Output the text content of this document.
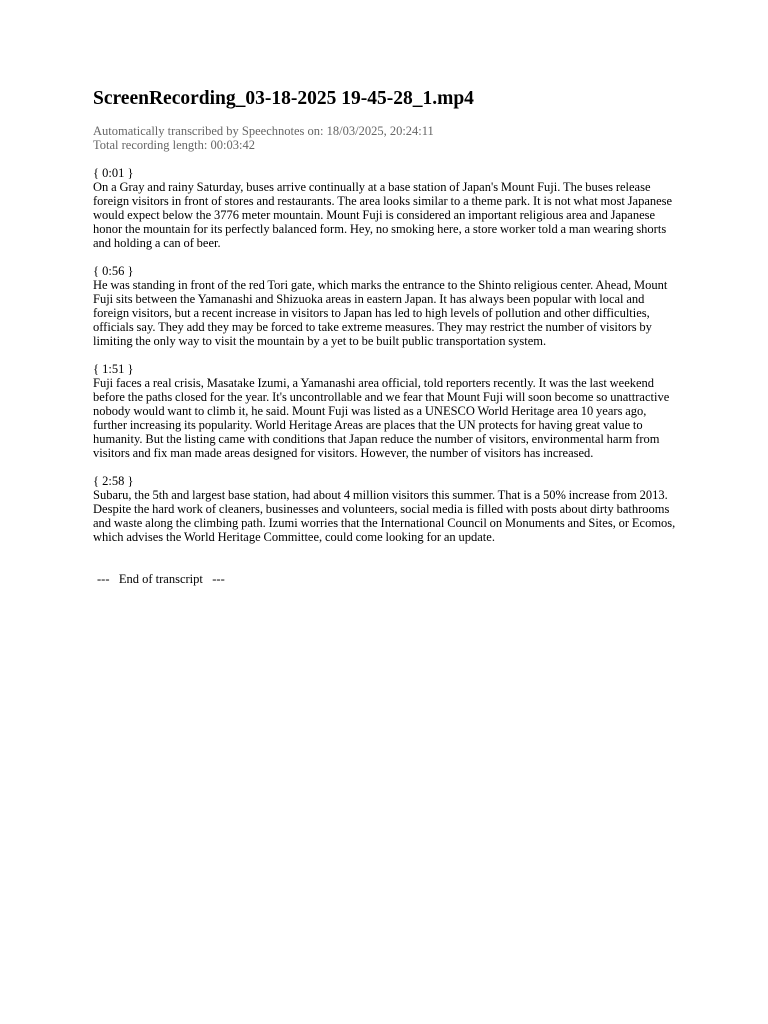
ScreenRecording_03-18-2025 19-45-28_1.mp4
Automatically transcribed by Speechnotes on: 18/03/2025, 20:24:11
Total recording length: 00:03:42
{ 0:01 }

On a Gray and rainy Saturday, buses arrive continually at a base station of Japan's Mount Fuji. The buses release foreign visitors in front of stores and restaurants. The area looks similar to a theme park. It is not what most Japanese would expect below the 3776 meter mountain. Mount Fuji is considered an important religious area and Japanese honor the mountain for its perfectly balanced form. Hey, no smoking here, a store worker told a man wearing shorts and holding a can of beer.

{ 0:56 }

He was standing in front of the red Tori gate, which marks the entrance to the Shinto religious center. Ahead, Mount Fuji sits between the Yamanashi and Shizuoka areas in eastern Japan. It has always been popular with local and foreign visitors, but a recent increase in visitors to Japan has led to high levels of pollution and other difficulties, officials say. They add they may be forced to take extreme measures. They may restrict the number of visitors by limiting the only way to visit the mountain by a yet to be built public transportation system.

{ 1:51 }

Fuji faces a real crisis, Masatake Izumi, a Yamanashi area official, told reporters recently. It was the last weekend before the paths closed for the year. It's uncontrollable and we fear that Mount Fuji will soon become so unattractive nobody would want to climb it, he said. Mount Fuji was listed as a UNESCO World Heritage area 10 years ago, further increasing its popularity. World Heritage Areas are places that the UN protects for having great value to humanity. But the listing came with conditions that Japan reduce the number of visitors, environmental harm from visitors and fix man made areas designed for visitors. However, the number of visitors has increased.

{ 2:58 }

Subaru, the 5th and largest base station, had about 4 million visitors this summer. That is a 50% increase from 2013. Despite the hard work of cleaners, businesses and volunteers, social media is filled with posts about dirty bathrooms and waste along the climbing path. Izumi worries that the International Council on Monuments and Sites, or Ecomos, which advises the World Heritage Committee, could come looking for an update.

---   End of transcript   ---
